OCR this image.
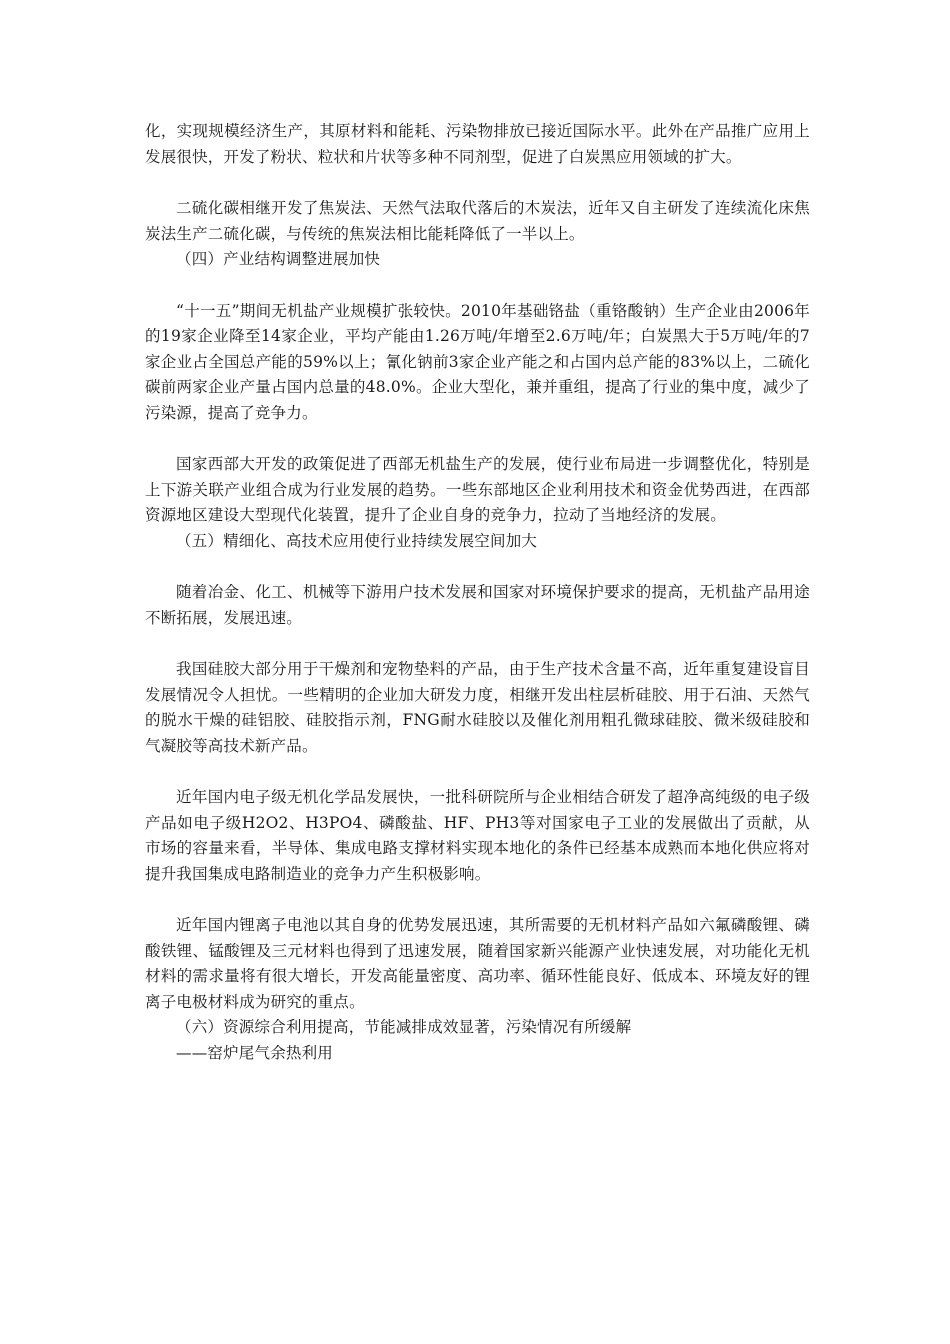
化，实现规模经济生产，其原材料和能耗、污染物排放已接近国际水平。此外在产品推广应用上发展很快，开发了粉状、粒状和片状等多种不同剂型，促进了白炭黑应用领域的扩大。

二硫化碳相继开发了焦炭法、天然气法取代落后的木炭法，近年又自主研发了连续流化床焦炭法生产二硫化碳，与传统的焦炭法相比能耗降低了一半以上。

（四）产业结构调整进展加快

“十一五”期间无机盐产业规模扩张较快。2010年基础铬盐（重铬酸钠）生产企业由2006年的19家企业降至14家企业，平均产能由1.26万吨/年增至2.6万吨/年；白炭黑大于5万吨/年的7家企业占全国总产能的59%以上；氰化钠前3家企业产能之和占国内总产能的83%以上，二硫化碳前两家企业产量占国内总量的48.0%。企业大型化，兼并重组，提高了行业的集中度，减少了污染源，提高了竞争力。

国家西部大开发的政策促进了西部无机盐生产的发展，使行业布局进一步调整优化，特别是上下游关联产业组合成为行业发展的趋势。一些东部地区企业利用技术和资金优势西进，在西部资源地区建设大型现代化装置，提升了企业自身的竞争力，拉动了当地经济的发展。

（五）精细化、高技术应用使行业持续发展空间加大

随着冶金、化工、机械等下游用户技术发展和国家对环境保护要求的提高，无机盐产品用途不断拓展，发展迅速。

我国硅胶大部分用于干燥剂和宠物垫料的产品，由于生产技术含量不高，近年重复建设盲目发展情况令人担忧。一些精明的企业加大研发力度，相继开发出柱层析硅胶、用于石油、天然气的脱水干燥的硅铝胶、硅胶指示剂，FNG耐水硅胶以及催化剂用粗孔微球硅胶、微米级硅胶和气凝胶等高技术新产品。

近年国内电子级无机化学品发展快，一批科研院所与企业相结合研发了超净高纯级的电子级产品如电子级H2O2、H3PO4、磷酸盐、HF、PH3等对国家电子工业的发展做出了贡献，从市场的容量来看，半导体、集成电路支撑材料实现本地化的条件已经基本成熟而本地化供应将对提升我国集成电路制造业的竞争力产生积极影响。

近年国内锂离子电池以其自身的优势发展迅速，其所需要的无机材料产品如六氟磷酸锂、磷酸铁锂、锰酸锂及三元材料也得到了迅速发展，随着国家新兴能源产业快速发展，对功能化无机材料的需求量将有很大增长，开发高能量密度、高功率、循环性能良好、低成本、环境友好的锂离子电极材料成为研究的重点。

（六）资源综合利用提高，节能减排成效显著，污染情况有所缓解

——窑炉尾气余热利用
